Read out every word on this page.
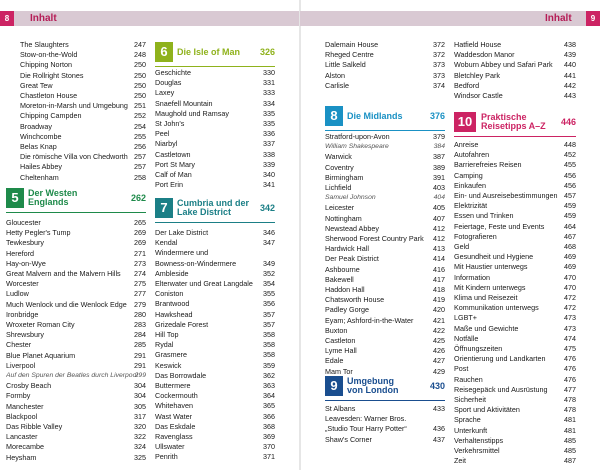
8	Inhalt
The Slaughters	247
Stow-on-the-Wold	248
Chipping Norton	250
Die Rollright Stones	250
Great Tew	250
Chastleton House	250
Moreton-in-Marsh und Umgebung 251
Chipping Campden	252
Broadway	254
Winchcombe	255
Belas Knap	256
Die römische Villa von Chedworth 257
Hailes Abbey	257
Cheltenham	258
5	Der Westen
Englands	262
Gloucester	265
Hetty Pegler's Tump	269
Tewkesbury	269
Hereford	271
Hay-on-Wye	273
Great Malvern and the Malvern Hills 274
Worcester	275
Ludlow	277
Much Wenlock und die Wenlock Edge 279
Ironbridge	280
Wroxeter Roman City	283
Shrewsbury	284
Chester	285
Blue Planet Aquarium	291
Liverpool	291
Auf den Spuren der Beatles durch Liverpool
299
Crosby Beach	304
Formby	304
Manchester	305
Blackpool	317
Das Ribble Valley	320
Lancaster	322
Morecambe	324
Heysham	325
6	Die Isle of Man 326
Geschichte	330
Douglas	331
Laxey	333
Snaefell Mountain	334
Maughold und Ramsay	335
St John's	335
Peel	336
Niarbyl	337
Castletown	338
Port St Mary	339
Calf of Man	340
Port Erin	341
7	Cumbria und der
Lake District	342
Der Lake District	346
Kendal	347
Windermere und
Bowness-on-Windermere	349
Ambleside	352
Elterwater und Great Langdale 354
Coniston	355
Brantwood	356
Hawkshead	357
Grizedale Forest	357
Hill Top	358
Rydal	358
Grasmere	358
Keswick	359
Das Borrowdale	362
Buttermere	363
Cockermouth	364
Whitehaven	365
Wast Water	366
Das Eskdale	368
Ravenglass	369
Ullswater	370
Penrith	371
9
Inhalt
Dalemain House	372
Rheged Centre	372
Little Salkeld	373
Alston	373
Carlisle	374
8	Die Midlands	376
Stratford-upon-Avon	379
William Shakespeare	384
Warwick	387
Coventry	389
Birmingham	391
Lichfield	403
Samuel Johnson	404
Leicester	405
Nottingham	407
Newstead Abbey	412
Sherwood Forest Country Park 412
Hardwick Hall	413
Der Peak District	414
Ashbourne	416
Bakewell	417
Haddon Hall	418
Chatsworth House	419
Padley Gorge	420
Eyam; Ashford-in-the-Water	421
Buxton	422
Castleton	425
Lyme Hall	426
Edale	427
Mam Tor	429
9	Umgebung
von London	430
St Albans	433
Leavesden: Warner Bros.
„Studio Tour Harry Potter“	436
Shaw's Corner	437
Hatfield House	438
Waddesdon Manor	439
Woburn Abbey und Safari Park 440
Bletchley Park	441
Bedford	442
Windsor Castle	443
10 Praktische
Reisetipps A–Z 446
Anreise	448
Autofahren	452
Barrierefreies Reisen	455
Camping	456
Einkaufen	456
Ein- und Ausreisebestimmungen 457
Elektrizität	459
Essen und Trinken	459
Feiertage, Feste und Events	464
Fotografieren	467
Geld	468
Gesundheit und Hygiene	469
Mit Haustier unterwegs	469
Information	470
Mit Kindern unterwegs	470
Klima und Reisezeit	472
Kommunikation unterwegs	472
LGBT+	473
Maße und Gewichte	473
Notfälle	474
Öffnungszeiten	475
Orientierung und Landkarten	476
Post	476
Rauchen	476
Reisegepäck und Ausrüstung 477
Sicherheit	478
Sport und Aktivitäten	478
Sprache	481
Unterkunft	481
Verhaltenstipps	485
Verkehrsmittel	485
Zeit	487
